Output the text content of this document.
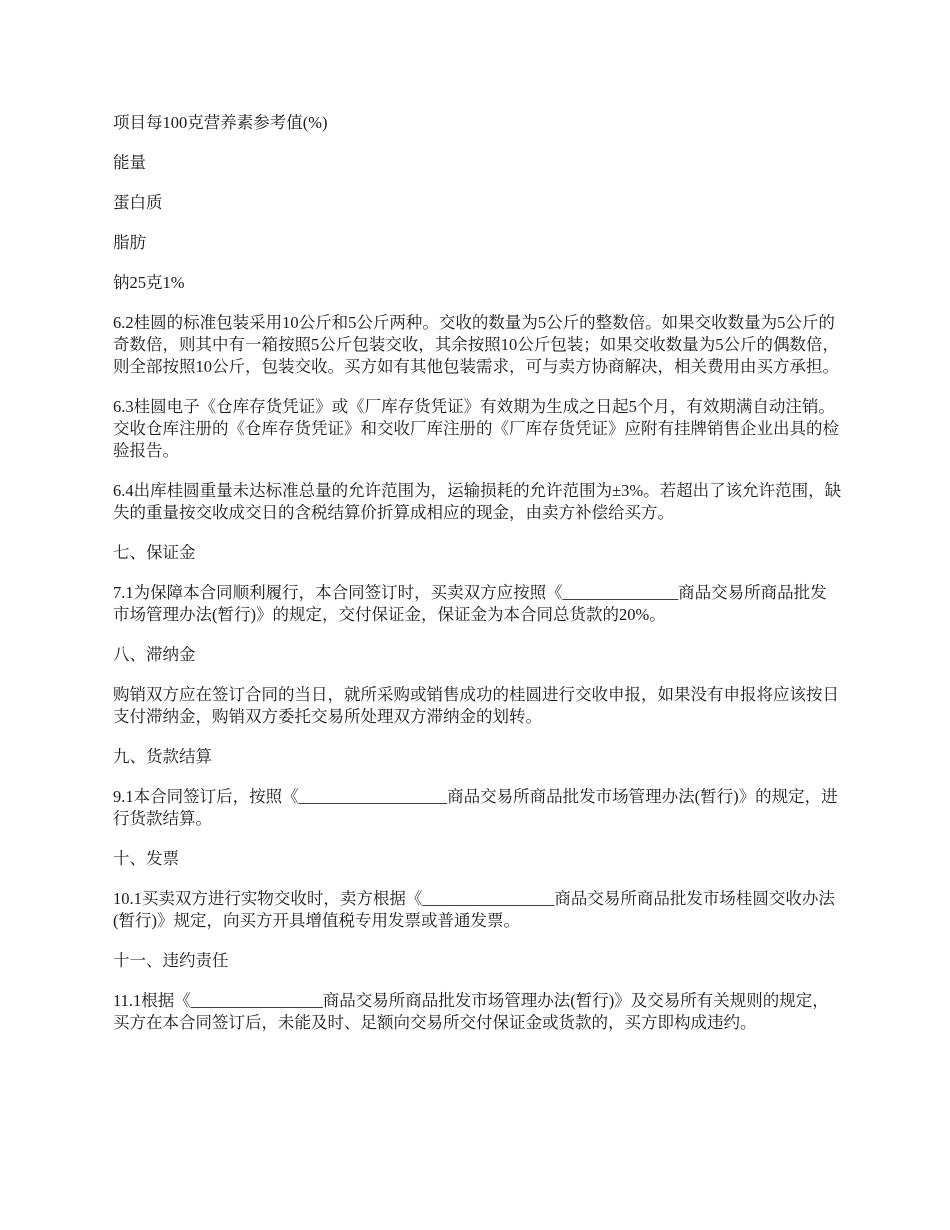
项目每100克营养素参考值(%)

能量

蛋白质

脂肪

钠25克1%

6.2桂圆的标准包装采用10公斤和5公斤两种。交收的数量为5公斤的整数倍。如果交收数量为5公斤的奇数倍，则其中有一箱按照5公斤包装交收，其余按照10公斤包装；如果交收数量为5公斤的偶数倍，则全部按照10公斤，包装交收。买方如有其他包装需求，可与卖方协商解决，相关费用由买方承担。

6.3桂圆电子《仓库存货凭证》或《厂库存货凭证》有效期为生成之日起5个月，有效期满自动注销。交收仓库注册的《仓库存货凭证》和交收厂库注册的《厂库存货凭证》应附有挂牌销售企业出具的检验报告。

6.4出库桂圆重量未达标准总量的允许范围为，运输损耗的允许范围为±3%。若超出了该允许范围，缺失的重量按交收成交日的含税结算价折算成相应的现金，由卖方补偿给买方。

七、保证金

7.1为保障本合同顺利履行，本合同签订时，买卖双方应按照《______________商品交易所商品批发市场管理办法(暂行)》的规定，交付保证金，保证金为本合同总货款的20%。

八、滞纳金

购销双方应在签订合同的当日，就所采购或销售成功的桂圆进行交收申报，如果没有申报将应该按日支付滞纳金，购销双方委托交易所处理双方滞纳金的划转。

九、货款结算

9.1本合同签订后，按照《__________________商品交易所商品批发市场管理办法(暂行)》的规定，进行货款结算。

十、发票

10.1买卖双方进行实物交收时，卖方根据《________________商品交易所商品批发市场桂圆交收办法(暂行)》规定，向买方开具增值税专用发票或普通发票。

十一、违约责任

11.1根据《________________商品交易所商品批发市场管理办法(暂行)》及交易所有关规则的规定，买方在本合同签订后，未能及时、足额向交易所交付保证金或货款的，买方即构成违约。
